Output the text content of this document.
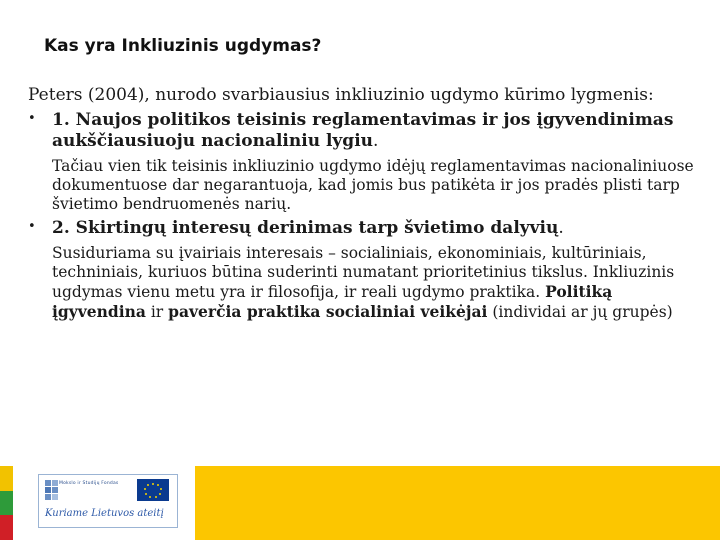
Kas yra Inkliuzinis ugdymas?

Peters (2004), nurodo svarbiausius inkliuzinio ugdymo kūrimo lygmenis:

• 1. Naujos politikos teisinis reglamentavimas ir jos įgyvendinimas aukščiausiuoju nacionaliniu lygiu.
Tačiau vien tik teisinis inkliuzinio ugdymo idėjų reglamentavimas nacionaliniuose dokumentuose dar negarantuoja, kad jomis bus patikėta ir jos pradės plisti tarp švietimo bendruomenės narių.
• 2. Skirtingų interesų derinimas tarp švietimo dalyvių.
Susiduriama su įvairiais interesais – socialiniais, ekonominiais, kultūriniais, techniniais, kuriuos būtina suderinti numatant prioritetinius tikslus. Inkliuzinis ugdymas vienu metu yra ir filosofija, ir reali ugdymo praktika. Politiką įgyvendina ir paverčia praktika socialiniai veikėjai (individai ar jų grupės)
Mokslo ir Studijų Fondas
Kuriame Lietuvos ateitį
